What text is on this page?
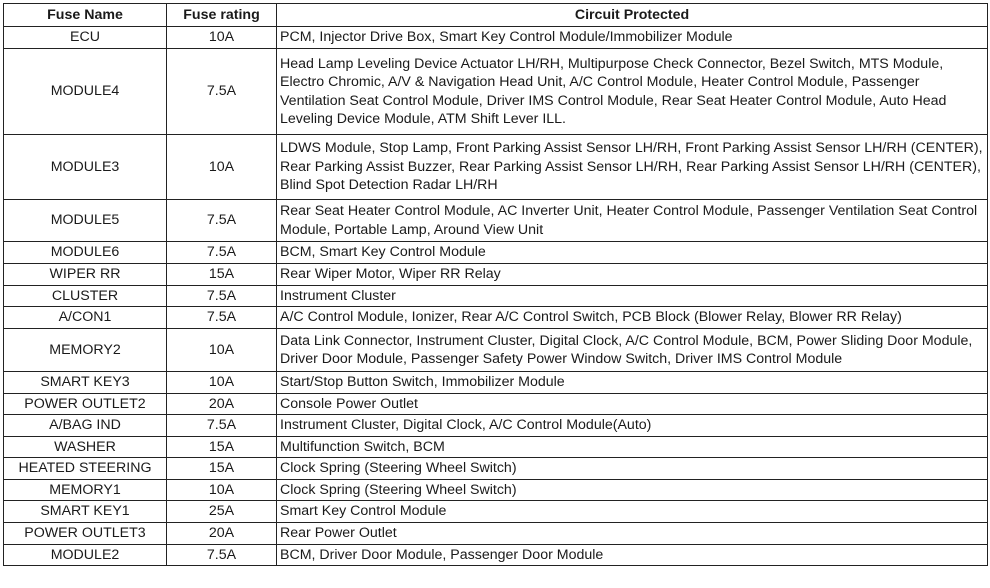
Fuse Name	Fuse rating	Circuit Protected
ECU	10A	PCM, Injector Drive Box, Smart Key Control Module/Immobilizer Module
MODULE4	7.5A	Head Lamp Leveling Device Actuator LH/RH, Multipurpose Check Connector, Bezel Switch, MTS Module, Electro Chromic, A/V & Navigation Head Unit, A/C Control Module, Heater Control Module, Passenger Ventilation Seat Control Module, Driver IMS Control Module, Rear Seat Heater Control Module, Auto Head Leveling Device Module, ATM Shift Lever ILL.
MODULE3	10A	LDWS Module, Stop Lamp, Front Parking Assist Sensor LH/RH, Front Parking Assist Sensor LH/RH (CENTER), Rear Parking Assist Buzzer, Rear Parking Assist Sensor LH/RH, Rear Parking Assist Sensor LH/RH (CENTER), Blind Spot Detection Radar LH/RH
MODULE5	7.5A	Rear Seat Heater Control Module, AC Inverter Unit, Heater Control Module, Passenger Ventilation Seat Control Module, Portable Lamp, Around View Unit
MODULE6	7.5A	BCM, Smart Key Control Module
WIPER RR	15A	Rear Wiper Motor, Wiper RR Relay
CLUSTER	7.5A	Instrument Cluster
A/CON1	7.5A	A/C Control Module, Ionizer, Rear A/C Control Switch, PCB Block (Blower Relay, Blower RR Relay)
MEMORY2	10A	Data Link Connector, Instrument Cluster, Digital Clock, A/C Control Module, BCM, Power Sliding Door Module, Driver Door Module, Passenger Safety Power Window Switch, Driver IMS Control Module
SMART KEY3	10A	Start/Stop Button Switch, Immobilizer Module
POWER OUTLET2	20A	Console Power Outlet
A/BAG IND	7.5A	Instrument Cluster, Digital Clock, A/C Control Module(Auto)
WASHER	15A	Multifunction Switch, BCM
HEATED STEERING	15A	Clock Spring (Steering Wheel Switch)
MEMORY1	10A	Clock Spring (Steering Wheel Switch)
SMART KEY1	25A	Smart Key Control Module
POWER OUTLET3	20A	Rear Power Outlet
MODULE2	7.5A	BCM, Driver Door Module, Passenger Door Module
